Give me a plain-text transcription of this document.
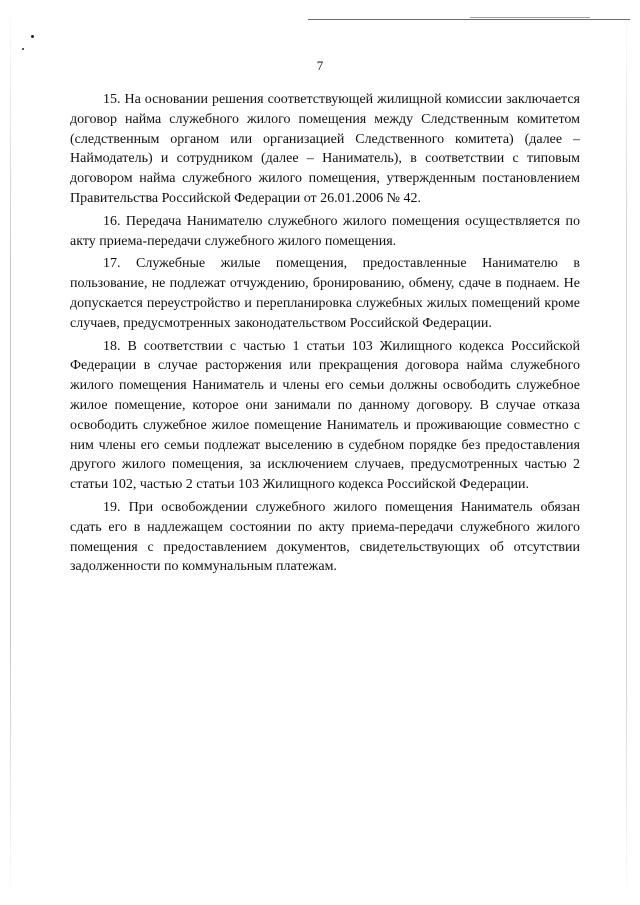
7

15. На основании решения соответствующей жилищной комиссии заключается договор найма служебного жилого помещения между Следственным комитетом (следственным органом или организацией Следственного комитета) (далее – Наймодатель) и сотрудником (далее – Наниматель), в соответствии с типовым договором найма служебного жилого помещения, утвержденным постановлением Правительства Российской Федерации от 26.01.2006 № 42.

16. Передача Нанимателю служебного жилого помещения осуществляется по акту приема-передачи служебного жилого помещения.

17. Служебные жилые помещения, предоставленные Нанимателю в пользование, не подлежат отчуждению, бронированию, обмену, сдаче в поднаем. Не допускается переустройство и перепланировка служебных жилых помещений кроме случаев, предусмотренных законодательством Российской Федерации.

18. В соответствии с частью 1 статьи 103 Жилищного кодекса Российской Федерации в случае расторжения или прекращения договора найма служебного жилого помещения Наниматель и члены его семьи должны освободить служебное жилое помещение, которое они занимали по данному договору. В случае отказа освободить служебное жилое помещение Наниматель и проживающие совместно с ним члены его семьи подлежат выселению в судебном порядке без предоставления другого жилого помещения, за исключением случаев, предусмотренных частью 2 статьи 102, частью 2 статьи 103 Жилищного кодекса Российской Федерации.

19. При освобождении служебного жилого помещения Наниматель обязан сдать его в надлежащем состоянии по акту приема-передачи служебного жилого помещения с предоставлением документов, свидетельствующих об отсутствии задолженности по коммунальным платежам.
